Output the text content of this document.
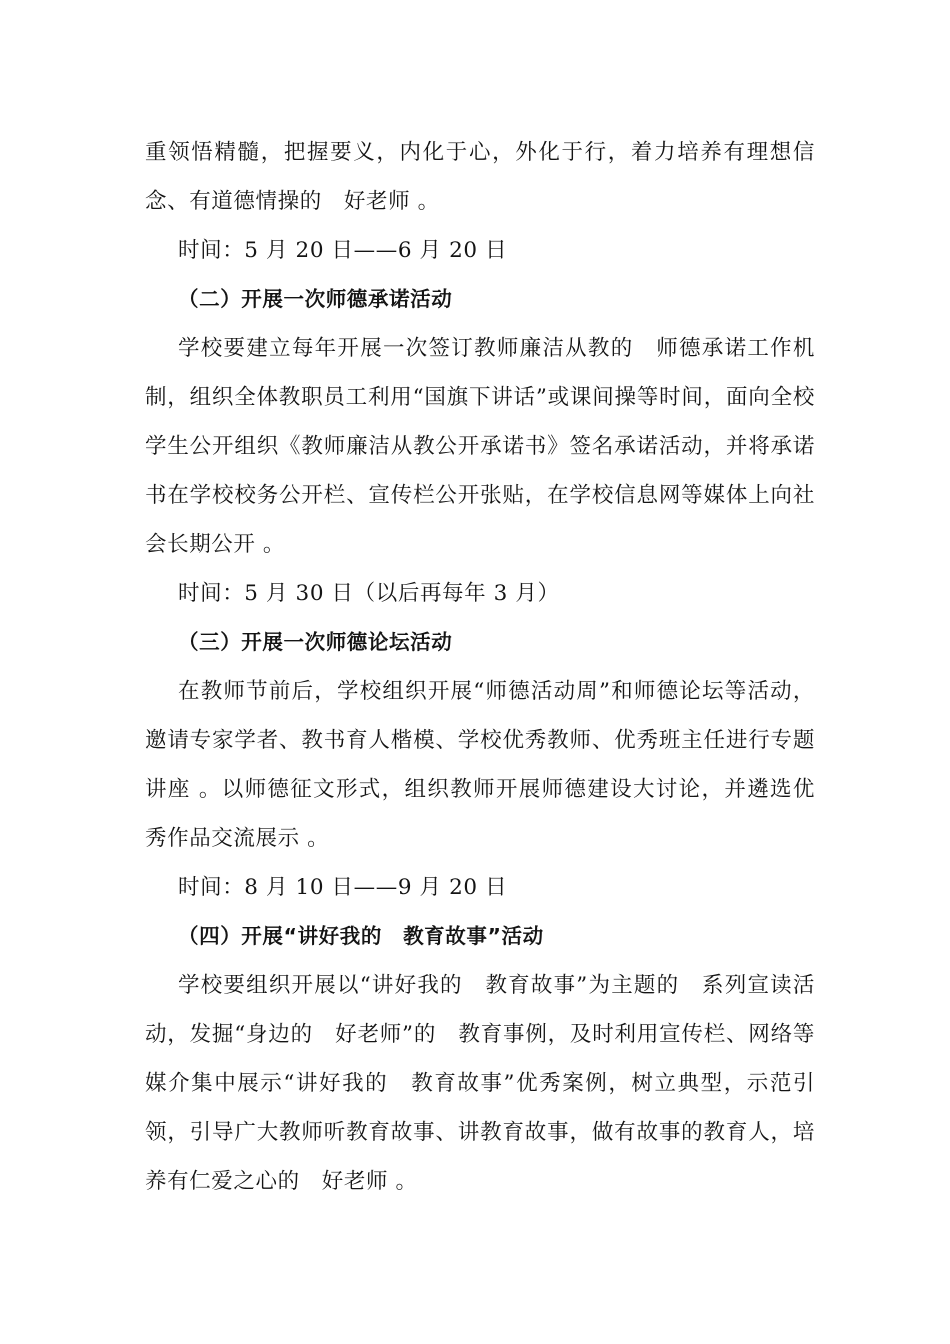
重领悟精髓，把握要义，内化于心，外化于行，着力培养有理想信念、有道德情操的　好老师 。

时间：5 月 20 日——6 月 20 日

（二）开展一次师德承诺活动

学校要建立每年开展一次签订教师廉洁从教的　师德承诺工作机制，组织全体教职员工利用“国旗下讲话”或课间操等时间，面向全校学生公开组织《教师廉洁从教公开承诺书》签名承诺活动，并将承诺书在学校校务公开栏、宣传栏公开张贴，在学校信息网等媒体上向社会长期公开 。

时间：5 月 30 日（以后再每年 3 月）

（三）开展一次师德论坛活动

在教师节前后，学校组织开展“师德活动周”和师德论坛等活动，邀请专家学者、教书育人楷模、学校优秀教师、优秀班主任进行专题讲座 。以师德征文形式，组织教师开展师德建设大讨论，并遴选优秀作品交流展示 。

时间：8 月 10 日——9 月 20 日

（四）开展“讲好我的　教育故事”活动

学校要组织开展以“讲好我的　教育故事”为主题的　系列宣读活动，发掘“身边的　好老师”的　教育事例，及时利用宣传栏、网络等媒介集中展示“讲好我的　教育故事”优秀案例，树立典型，示范引领，引导广大教师听教育故事、讲教育故事，做有故事的教育人，培养有仁爱之心的　好老师 。
